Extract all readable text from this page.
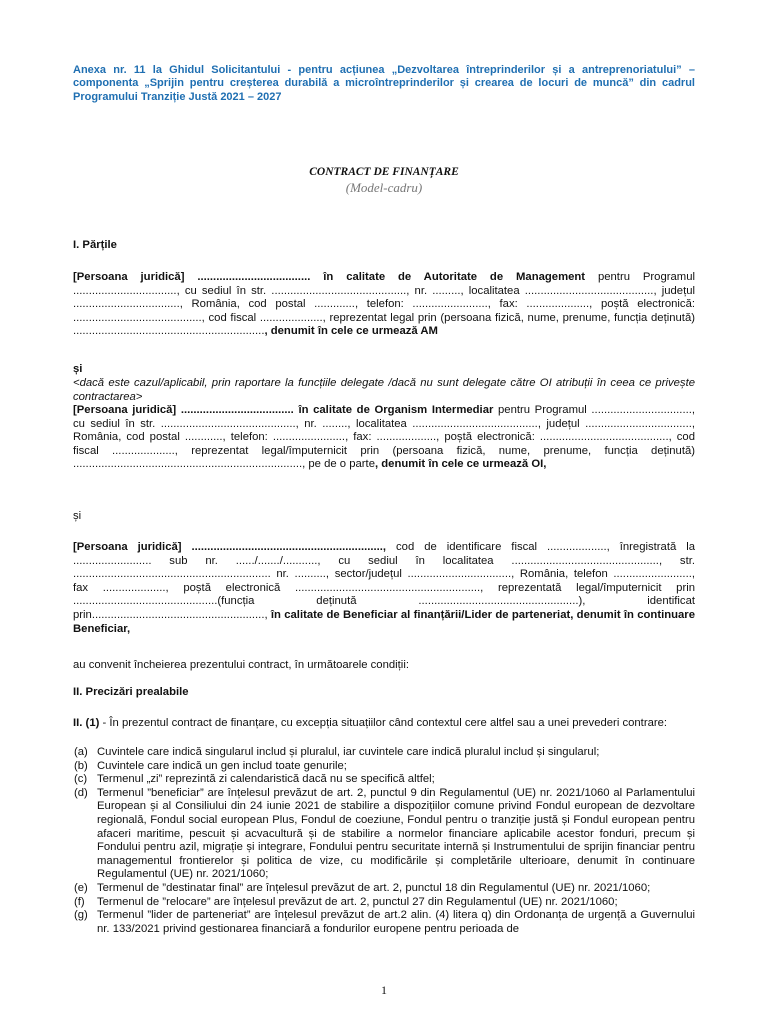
Anexa nr. 11 la Ghidul Solicitantului - pentru acțiunea „Dezvoltarea întreprinderilor și a antreprenoriatului” – componenta „Sprijin pentru creșterea durabilă a microîntreprinderilor și crearea de locuri de muncă” din cadrul Programului Tranziție Justă 2021 – 2027
CONTRACT DE FINANȚARE
(Model-cadru)
I. Părțile
[Persoana juridică] .................................... în calitate de Autoritate de Management pentru Programul ................................., cu sediul în str. ..........................................., nr. ........., localitatea ........................................., județul .................................., România, cod postal ............., telefon: ........................, fax: ...................., poștă electronică: ........................................., cod fiscal ...................., reprezentat legal prin (persoana fizică, nume, prenume, funcția deținută) ............................................................., denumit în cele ce urmează AM
și
<dacă este cazul/aplicabil, prin raportare la funcțiile delegate /dacă nu sunt delegate către OI atribuții în ceea ce privește contractarea>
[Persoana juridică] .................................... în calitate de Organism Intermediar pentru Programul ................................, cu sediul în str. ..........................................., nr. ........, localitatea ........................................, județul .................................., România, cod postal ............, telefon: ......................., fax: ..................., poștă electronică: ........................................., cod fiscal ...................., reprezentat legal/împuternicit prin (persoana fizică, nume, prenume, funcția deținută) ........................................................................., pe de o parte, denumit în cele ce urmează OI,
și
[Persoana juridică] ............................................................., cod de identificare fiscal ..................., înregistrată la ......................... sub nr. ....../......./..........., cu sediul în localitatea ..............................................., str. ............................................................... nr. .........., sector/județul ................................., România, telefon ........................., fax ...................., poștă electronică ..........................................................., reprezentată legal/împuternicit prin ..............................................(funcția deținută ...................................................), identificat prin......................................................., în calitate de Beneficiar al finanțării/Lider de parteneriat, denumit în continuare Beneficiar,
au convenit încheierea prezentului contract, în următoarele condiții:
II. Precizări prealabile
II. (1) - În prezentul contract de finanțare, cu excepția situațiilor când contextul cere altfel sau a unei prevederi contrare:
(a) Cuvintele care indică singularul includ și pluralul, iar cuvintele care indică pluralul includ și singularul;
(b) Cuvintele care indică un gen includ toate genurile;
(c) Termenul „zi” reprezintă zi calendaristică dacă nu se specifică altfel;
(d) Termenul ”beneficiar” are înțelesul prevăzut de art. 2, punctul 9 din Regulamentul (UE) nr. 2021/1060 al Parlamentului European și al Consiliului din 24 iunie 2021 de stabilire a dispozițiilor comune privind Fondul european de dezvoltare regională, Fondul social european Plus, Fondul de coeziune, Fondul pentru o tranziție justă și Fondul european pentru afaceri maritime, pescuit și acvacultură și de stabilire a normelor financiare aplicabile acestor fonduri, precum și Fondului pentru azil, migrație și integrare, Fondului pentru securitate internă și Instrumentului de sprijin financiar pentru managementul frontierelor și politica de vize, cu modificările și completările ulterioare, denumit în continuare Regulamentul (UE) nr. 2021/1060;
(e) Termenul de ”destinatar final” are înțelesul prevăzut de art. 2, punctul 18 din Regulamentul (UE) nr. 2021/1060;
(f)	Termenul de ”relocare” are înțelesul prevăzut de art. 2, punctul 27 din Regulamentul (UE) nr. 2021/1060;
(g) Termenul ”lider de parteneriat” are înțelesul prevăzut de art.2 alin. (4) litera q) din Ordonanța de urgență a Guvernului nr. 133/2021 privind gestionarea financiară a fondurilor europene pentru perioada de
1
